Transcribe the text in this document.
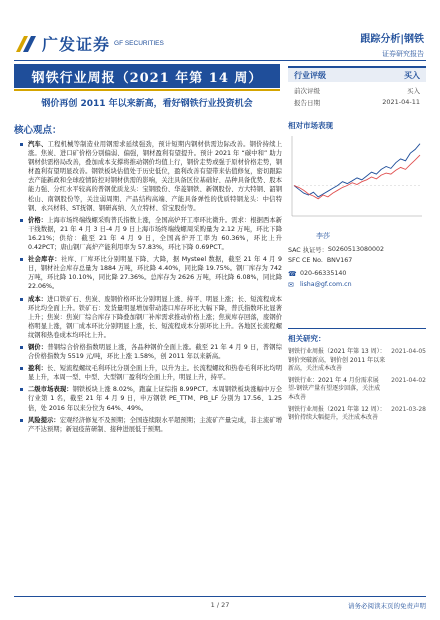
广发证券 GF SECURITIES	跟踪分析|钢铁
证券研究报告
钢铁行业周报（2021 年第 14 周）
钢价再创 2011 年以来新高，看好钢铁行业投资机会
核心观点：
汽车、工程机械等制造业用钢需求延续强劲，预计短期内钢材供需边际改善。钢价持续上涨。焦炭、进口矿价格分别偏弱、偏强，钢材盈利有望提升。预计 2021 年 “碳中和” 助力钢材供需格局改善，叠加成本支撑将推动钢价均值上行，钢价走势或强于原材价格走势，钢材盈利有望明显改善。钢铁板块估值处于历史低位，盈利改善有望带来估值修复，密切跟踪去产能新政和全球疫情防控对钢材供需的影响，关注具备区位基础好、品种具备优势、股本能力强、分红水平较高的普钢优质龙头：宝钢股份、华菱钢铁、新钢股份、方大特钢、韶钢松山、南钢股份等，关注弱周期、产品结构高端、产能具备弹性的优质特钢龙头：中信特钢、永兴材料、ST抚钢、钢研高纳、久立特材、常宝股份等。
价格：上海市场终端线螺采购普氏指数上涨，全国高炉开工率环比微升。需求：根据西本新干线数据，21 年 4 月 3 日-4 月 9 日上海市场终端线螺周采购量为 2.12 万吨，环比下降 16.21%；供给：截至 21 年 4 月 9 日，全国高炉开工率为 60.36%，环比上升 0.42PCT；唐山钢厂高炉产能利用率为 57.83%，环比下降 0.69PCT。
社会库存：社库、厂库环比分别明显下降、大降，据 Mysteel 数据，截至 21 年 4 月 9 日，钢材社会库存总量为 1884 万吨，环比降 4.40%，同比降 19.75%。钢厂库存为 742 万吨，环比降 10.10%，同比降 27.36%。总库存为 2626 万吨，环比降 6.08%，同比降 22.06%。
成本：进口铁矿石、焦炭、废钢价格环比分别明显上涨、持平、明显上涨；长、短流程成本环比均全面上升。铁矿石：发货量明显增加带动港口库存环比大幅下降，普氏指数环比显著上升；焦炭：焦炭厂综合库存下降叠加钢厂补库需求推动价格上涨；焦炭库存回落，废钢价格明显上涨，钢厂成本环比分别明显上涨，长、短流程成本分别环比上升。各地区长流程螺纹钢和热卷成本均环比上升。
钢价：普钢综合价格指数明显上涨，各品种钢价全面上涨。截至 21 年 4 月 9 日，普钢综合价格指数为 5519 元/吨，环比上涨 1.58%，创 2011 年以来新高。
盈利：长、短流程螺纹毛利环比分别全面上升，以升为主。长流程螺纹和热卷毛利环比均明显上升，本周一型、中型、大型钢厂盈利均全面上升，明显上升，持平。
二级市场表现：钢铁板块上涨 8.02%，跑赢上证综指 8.99PCT。本周钢铁板块涨幅中万全行业第 1 名，截至 21 年 4 月 9 日，申万钢铁 PE_TTM、PB_LF 分别为 17.56、1.25 倍，处 2016 年以来分位为 64%、49%。
风险提示：宏观经济修复不及预期；全国连续限水平超预期；主流矿产量完成，非主流矿增产不达预期；新冠疫苗研制、接种进展低于预期。
行业评级	买入
前次评级	买入
报告日期	2021-04-11
相对市场表现
李莎
SAC 执证号： S0260513080002
SFC CE No. BNV167
☎ 020-66335140
✉ lisha@gf.com.cn
相关研究：
钢铁行业周报（2021 年第 13 周）：钢价突破新高，钢价创 2011 年以来新高，关注成本改善
2021-04-05
钢铁行业：2021 年 4 月份需求展望-钢铁产量有望逐步回落，关注成本改善
2021-04-02
钢铁行业周报（2021 年第 12 周）：钢价持续大幅提升，关注成本改善
2021-03-28
1 / 27	请务必阅读末页的免责声明
